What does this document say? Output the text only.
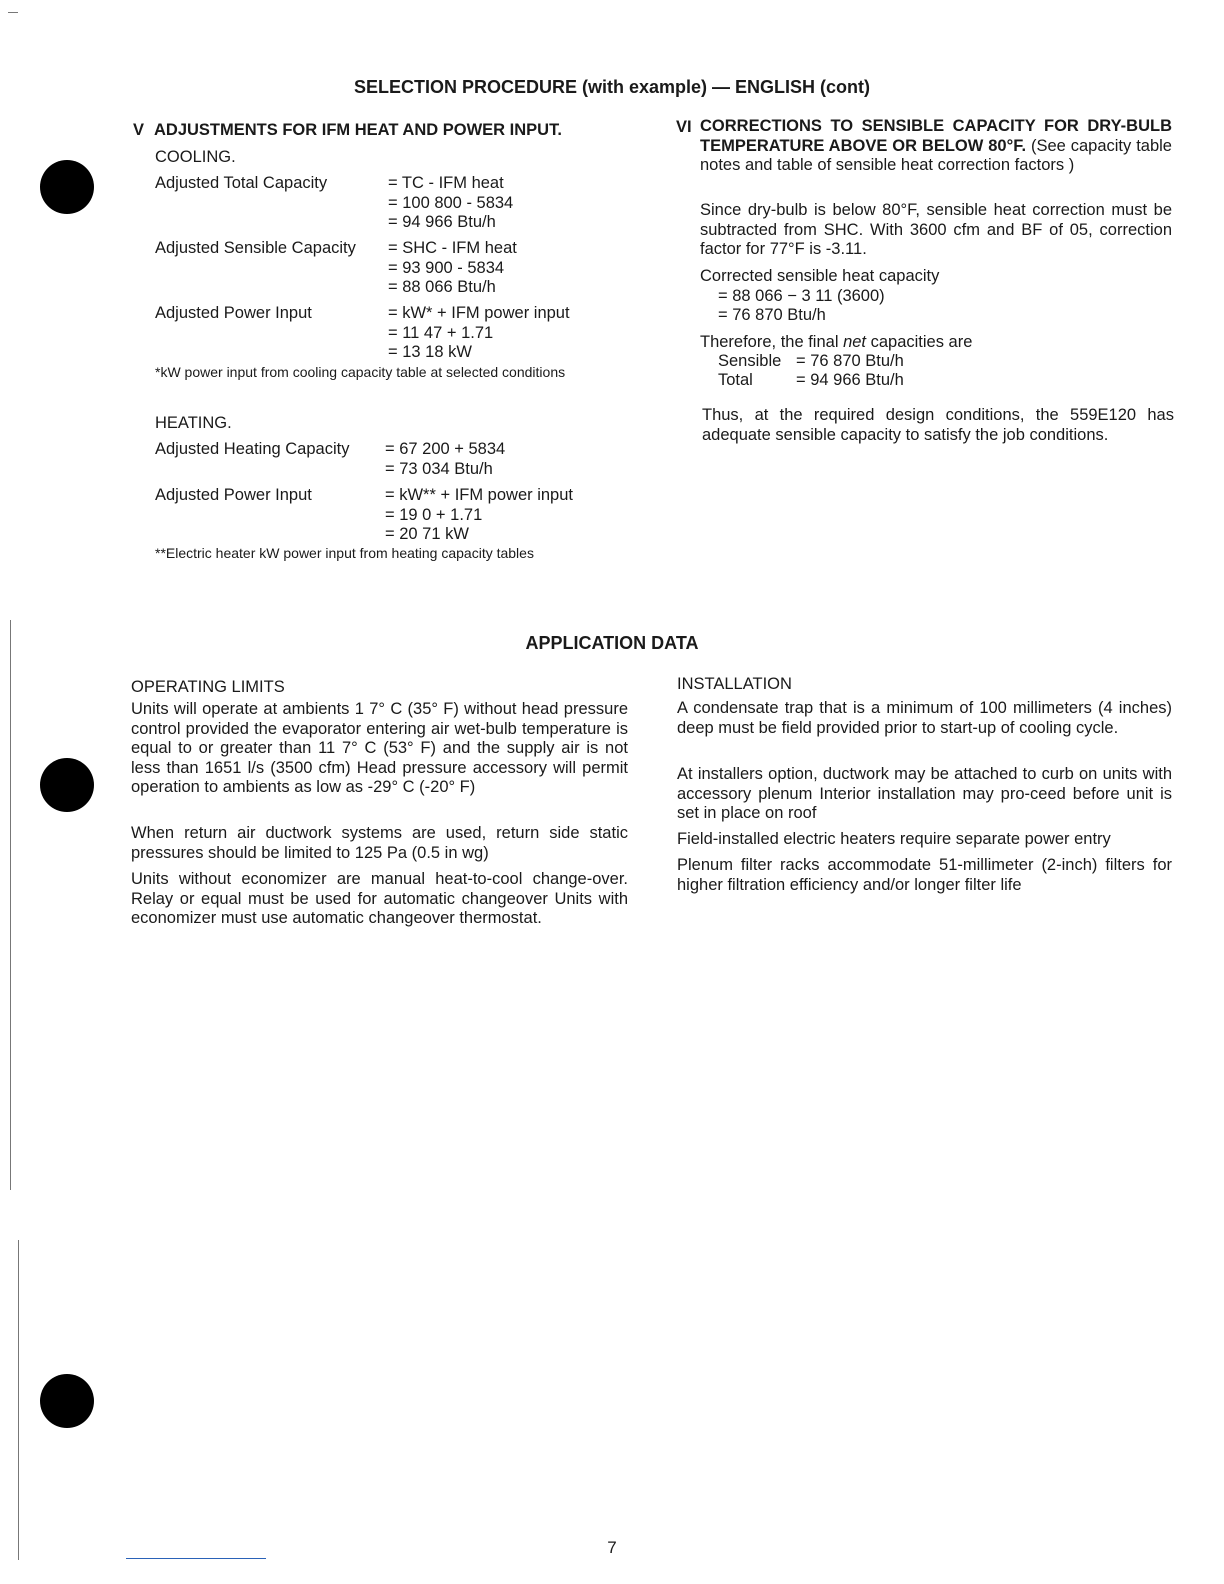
SELECTION PROCEDURE (with example) — ENGLISH (cont)
V ADJUSTMENTS FOR IFM HEAT AND POWER INPUT.
COOLING.
Adjusted Total Capacity	= TC - IFM heat
= 100 800 - 5834
= 94 966 Btu/h
Adjusted Sensible Capacity = SHC - IFM heat
= 93 900 - 5834
= 88 066 Btu/h
Adjusted Power Input	= kW* + IFM power input
= 11 47 + 1.71
= 13 18 kW

*kW power input from cooling capacity table at selected conditions

HEATING.
Adjusted Heating Capacity = 67 200 + 5834
= 73 034 Btu/h
Adjusted Power Input	= kW** + IFM power input
= 19 0 + 1.71
= 20 71 kW
**Electric heater kW power input from heating capacity tables
VI CORRECTIONS TO SENSIBLE CAPACITY FOR DRY-BULB TEMPERATURE ABOVE OR BELOW 80°F. (See capacity table notes and table of sensible heat correction factors )

Since dry-bulb is below 80°F, sensible heat correction must be subtracted from SHC. With 3600 cfm and BF of 05, correction factor for 77°F is -3.11.

Corrected sensible heat capacity
= 88 066 − 3 11 (3600)
= 76 870 Btu/h
Therefore, the final net capacities are
Sensible = 76 870 Btu/h
Total	= 94 966 Btu/h

Thus, at the required design conditions, the 559E120 has adequate sensible capacity to satisfy the job conditions.

APPLICATION DATA
OPERATING LIMITS

Units will operate at ambients 1 7° C (35° F) without head pressure control provided the evaporator entering air wet-bulb temperature is equal to or greater than 11 7° C (53° F) and the supply air is not less than 1651 l/s (3500 cfm) Head pressure accessory will permit operation to ambients as low as -29° C (-20° F)

When return air ductwork systems are used, return side static pressures should be limited to 125 Pa (0.5 in wg)

Units without economizer are manual heat-to-cool change-over. Relay or equal must be used for automatic changeover Units with economizer must use automatic changeover thermostat.

INSTALLATION

A condensate trap that is a minimum of 100 millimeters (4 inches) deep must be field provided prior to start-up of cooling cycle.

At installers option, ductwork may be attached to curb on units with accessory plenum Interior installation may pro-ceed before unit is set in place on roof

Field-installed electric heaters require separate power entry

Plenum filter racks accommodate 51-millimeter (2-inch) filters for higher filtration efficiency and/or longer filter life

7
